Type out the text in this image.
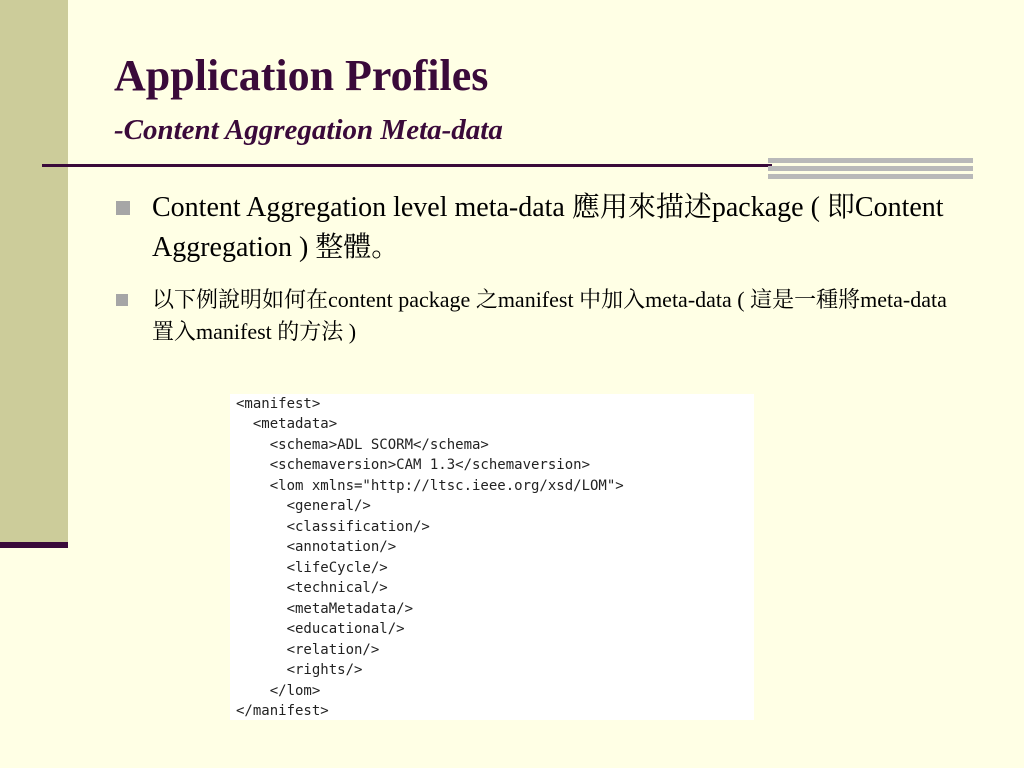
Application Profiles
-Content Aggregation Meta-data
Content Aggregation level meta-data 應用來描述package ( 即Content Aggregation ) 整體。
以下例說明如何在content package 之manifest 中加入meta-data ( 這是一種將meta-data 置入manifest 的方法 )
<manifest>
<metadata>
<schema>ADL SCORM</schema>
<schemaversion>CAM 1.3</schemaversion>
<lom xmlns="http://ltsc.ieee.org/xsd/LOM">
<general/>
<classification/>
<annotation/>
<lifeCycle/>
<technical/>
<metaMetadata/>
<educational/>
<relation/>
<rights/>
</lom>
</manifest>
